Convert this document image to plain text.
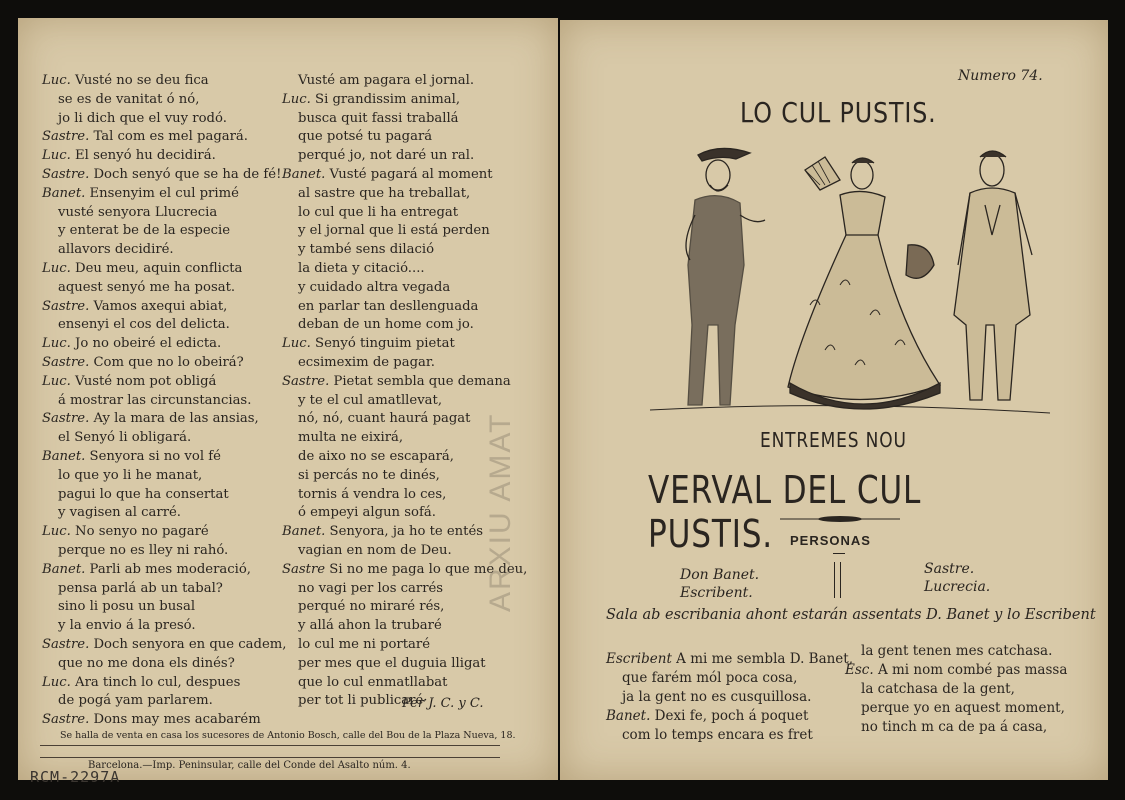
Luc. Vusté no se deu fica
se es de vanitat ó nó,
jo li dich que el vuy rodó.
Sastre. Tal com es mel pagará.
Luc. El senyó hu decidirá.
Sastre. Doch senyó que se ha de fé!
Banet. Ensenyim el cul primé
vusté senyora Llucrecia
y enterat be de la especie
allavors decidiré.
Luc. Deu meu, aquin conflicta
aquest senyó me ha posat.
Sastre. Vamos axequi abiat,
ensenyi el cos del delicta.
Luc. Jo no obeiré el edicta.
Sastre. Com que no lo obeirá?
Luc. Vusté nom pot obligá
á mostrar las circunstancias.
Sastre. Ay la mara de las ansias,
el Senyó li obligará.
Banet. Senyora si no vol fé
lo que yo li he manat,
pagui lo que ha consertat
y vagisen al carré.
Luc. No senyo no pagaré
perque no es lley ni rahó.
Banet. Parli ab mes moderació,
pensa parlá ab un tabal?
sino li posu un busal
y la envio á la presó.
Sastre. Doch senyora en que cadem,
que no me dona els dinés?
Luc. Ara tinch lo cul, despues
de pogá yam parlarem.
Sastre. Dons may mes acabarém
Vusté am pagara el jornal.
Luc. Si grandissim animal,
busca quit fassi traballá
que potsé tu pagará
perqué jo, not daré un ral.
Banet. Vusté pagará al moment
al sastre que ha treballat,
lo cul que li ha entregat
y el jornal que li está perden
y també sens dilació
la dieta y citació....
y cuidado altra vegada
en parlar tan desllenguada
deban de un home com jo.
Luc. Senyó tinguim pietat
ecsimexim de pagar.
Sastre. Pietat sembla que demana
y te el cul amatllevat,
nó, nó, cuant haurá pagat
multa ne eixirá,
de aixo no se escapará,
si percás no te dinés,
tornis á vendra lo ces,
ó empeyi algun sofá.
Banet. Senyora, ja ho te entés
vagian en nom de Deu.
Sastre Si no me paga lo que me deu,
no vagi per los carrés
perqué no miraré rés,
y allá ahon la trubaré
lo cul me ni portaré
per mes que el duguia lligat
que lo cul enmatllabat
per tot li publicaré·
Per J. C. y C.
Se halla de venta en casa los sucesores de Antonio Bosch, calle del Bou de la Plaza Nueva, 18.
Barcelona.—Imp. Peninsular, calle del Conde del Asalto núm. 4.
RCM-2297A
ARXIU AMAT
Numero 74.
LO CUL PUSTIS.
ENTREMES NOU
VERVAL DEL CUL PUSTIS.	PERSONAS
Don Banet.
Escribent.
Sastre.
Lucrecia.
Sala ab escribania ahont estarán assentats D. Banet y lo Escribent
Escribent A mi me sembla D. Banet,
que farém mól poca cosa,
ja la gent no es cusquillosa.
Banet. Dexi fe, poch á poquet
com lo temps encara es fret
la gent tenen mes catchasa.
Esc. A mi nom combé pas massa
la catchasa de la gent,
perque yo en aquest moment,
no tinch m ca de pa á casa,
